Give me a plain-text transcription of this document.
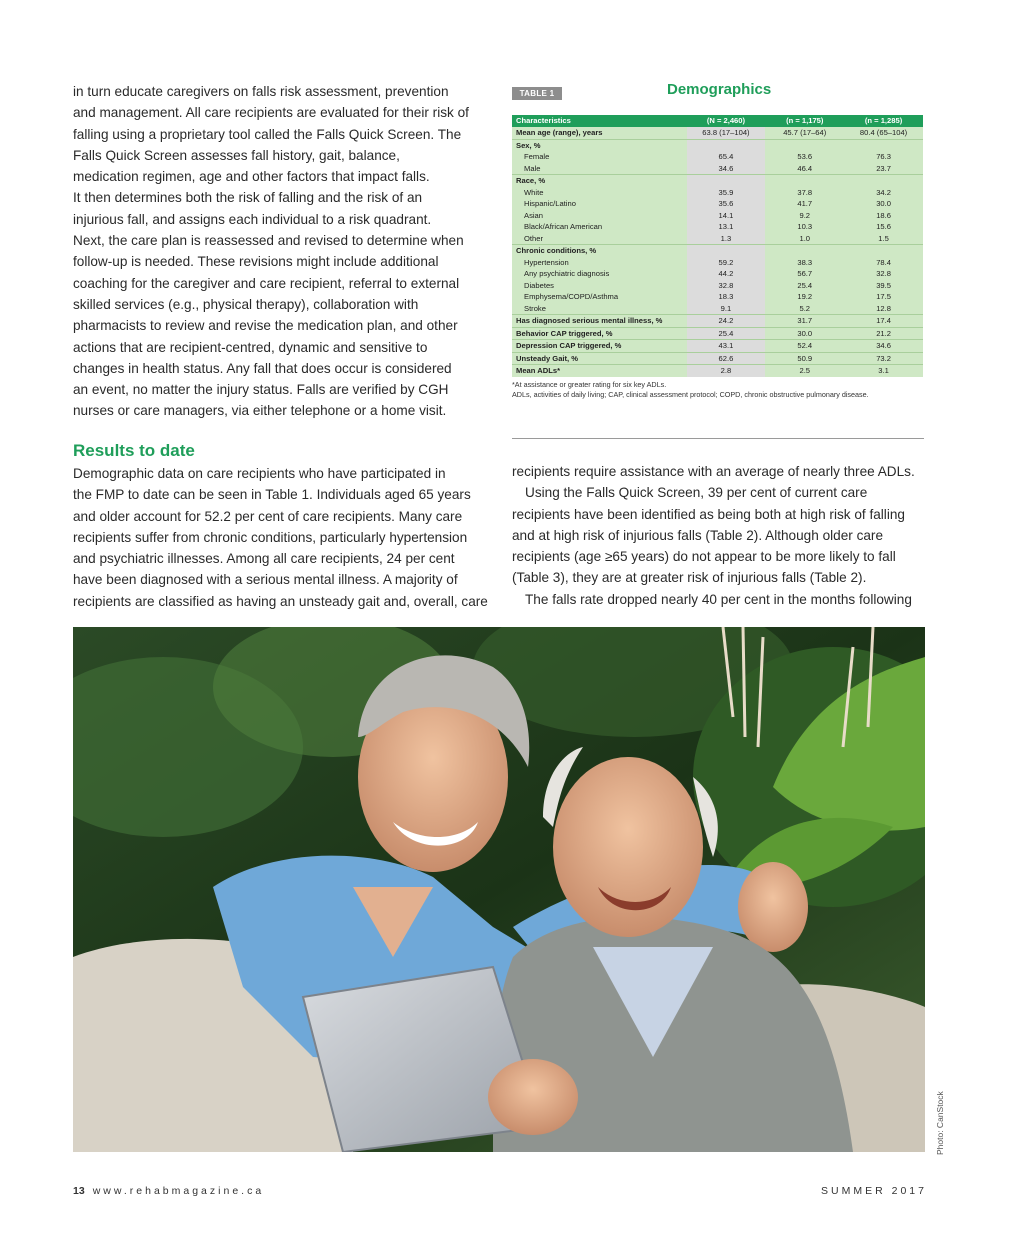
in turn educate caregivers on falls risk assessment, prevention

and management. All care recipients are evaluated for their risk of

falling using a proprietary tool called the Falls Quick Screen. The

Falls Quick Screen assesses fall history, gait, balance,

medication regimen, age and other factors that impact falls.

It then determines both the risk of falling and the risk of an

injurious fall, and assigns each individual to a risk quadrant.

Next, the care plan is reassessed and revised to determine when

follow-up is needed. These revisions might include additional

coaching for the caregiver and care recipient, referral to external

skilled services (e.g., physical therapy), collaboration with

pharmacists to review and revise the medication plan, and other

actions that are recipient-centred, dynamic and sensitive to

changes in health status. Any fall that does occur is considered

an event, no matter the injury status. Falls are verified by CGH

nurses or care managers, via either telephone or a home visit.

Results to date

Demographic data on care recipients who have participated in

the FMP to date can be seen in Table 1. Individuals aged 65 years

and older account for 52.2 per cent of care recipients. Many care

recipients suffer from chronic conditions, particularly hypertension

and psychiatric illnesses. Among all care recipients, 24 per cent

have been diagnosed with a serious mental illness. A majority of

recipients are classified as having an unsteady gait and, overall, care

recipients require assistance with an average of nearly three ADLs.

Using the Falls Quick Screen, 39 per cent of current care

recipients have been identified as being both at high risk of falling

and at high risk of injurious falls (Table 2). Although older care

recipients (age ≥65 years) do not appear to be more likely to fall

(Table 3), they are at greater risk of injurious falls (Table 2).

The falls rate dropped nearly 40 per cent in the months following

TABLE 1	Demographics
Characteristics	(N = 2,460)	(n = 1,175)	(n = 1,285)
Mean age (range), years	63.8 (17–104)	45.7 (17–64)	80.4 (65–104)
Sex, %			
Female	65.4	53.6	76.3
Male	34.6	46.4	23.7
Race, %			
White	35.9	37.8	34.2
Hispanic/Latino	35.6	41.7	30.0
Asian	14.1	9.2	18.6
Black/African American	13.1	10.3	15.6
Other	1.3	1.0	1.5
Chronic conditions, %			
Hypertension	59.2	38.3	78.4
Any psychiatric diagnosis	44.2	56.7	32.8
Diabetes	32.8	25.4	39.5
Emphysema/COPD/Asthma	18.3	19.2	17.5
Stroke	9.1	5.2	12.8
Has diagnosed serious mental illness, %	24.2	31.7	17.4
Behavior CAP triggered, %	25.4	30.0	21.2
Depression CAP triggered, %	43.1	52.4	34.6
Unsteady Gait, %	62.6	50.9	73.2
Mean ADLs*	2.8	2.5	3.1
*At assistance or greater rating for six key ADLs.
ADLs, activities of daily living; CAP, clinical assessment protocol; COPD, chronic obstructive pulmonary disease.
Photo: CanStock
13 www.rehabmagazine.ca	SUMMER 2017
